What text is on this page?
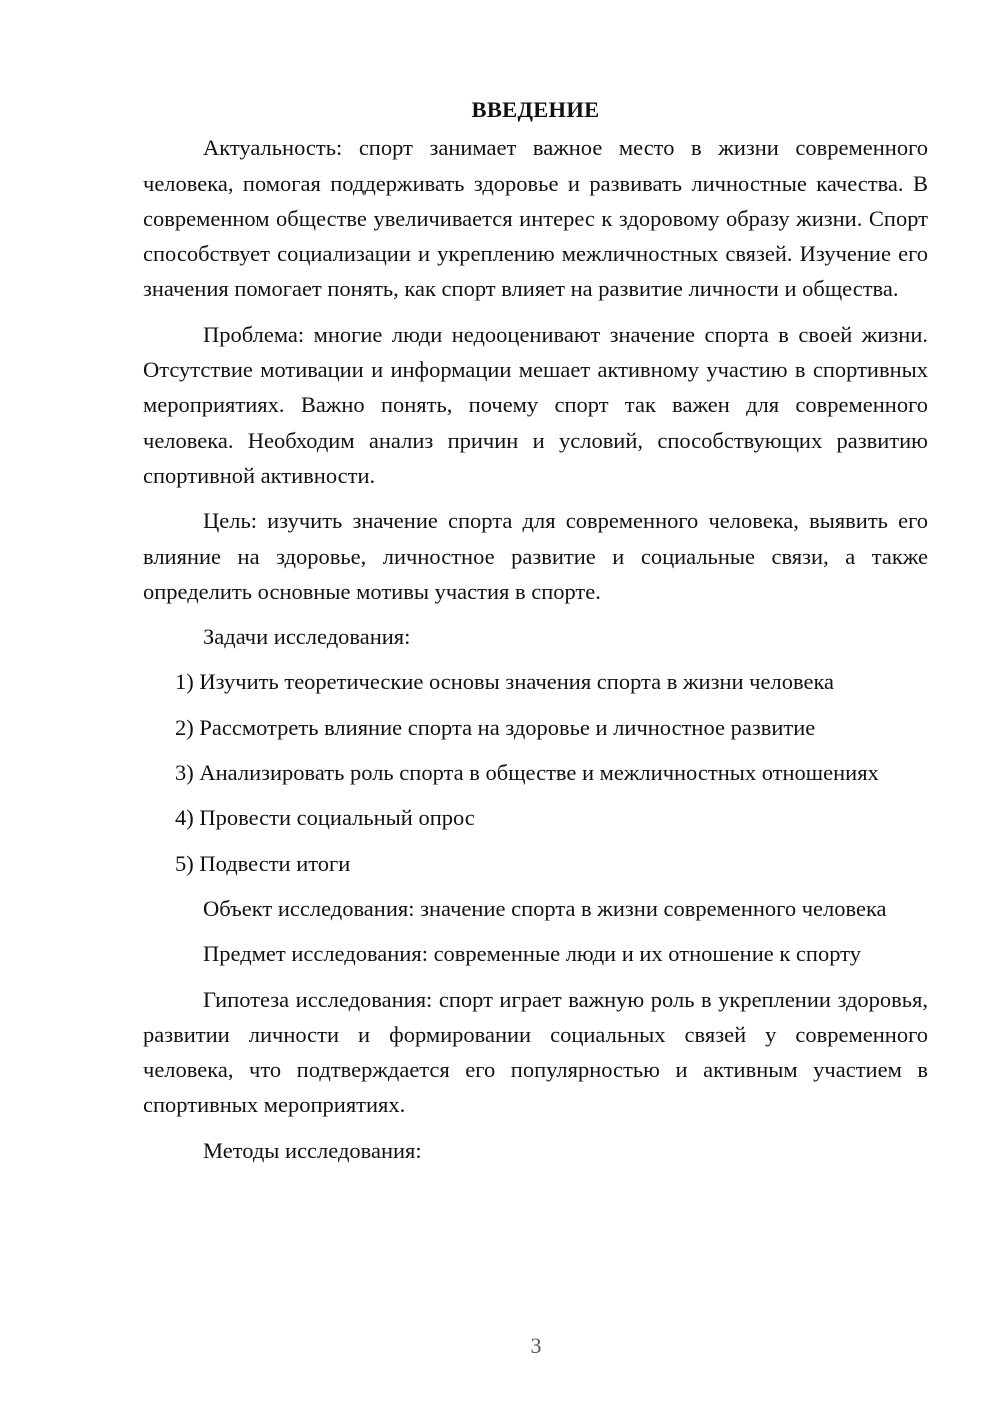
ВВЕДЕНИЕ

Актуальность: спорт занимает важное место в жизни современного человека, помогая поддерживать здоровье и развивать личностные качества. В современном обществе увеличивается интерес к здоровому образу жизни. Спорт способствует социализации и укреплению межличностных связей. Изучение его значения помогает понять, как спорт влияет на развитие личности и общества.

Проблема: многие люди недооценивают значение спорта в своей жизни. Отсутствие мотивации и информации мешает активному участию в спортивных мероприятиях. Важно понять, почему спорт так важен для современного человека. Необходим анализ причин и условий, способствующих развитию спортивной активности.

Цель: изучить значение спорта для современного человека, выявить его влияние на здоровье, личностное развитие и социальные связи, а также определить основные мотивы участия в спорте.

Задачи исследования:

1) Изучить теоретические основы значения спорта в жизни человека

2) Рассмотреть влияние спорта на здоровье и личностное развитие

3) Анализировать роль спорта в обществе и межличностных отношениях

4) Провести социальный опрос

5) Подвести итоги

Объект исследования: значение спорта в жизни современного человека

Предмет исследования: современные люди и их отношение к спорту

Гипотеза исследования: спорт играет важную роль в укреплении здоровья, развитии личности и формировании социальных связей у современного человека, что подтверждается его популярностью и активным участием в спортивных мероприятиях.

Методы исследования:

3
